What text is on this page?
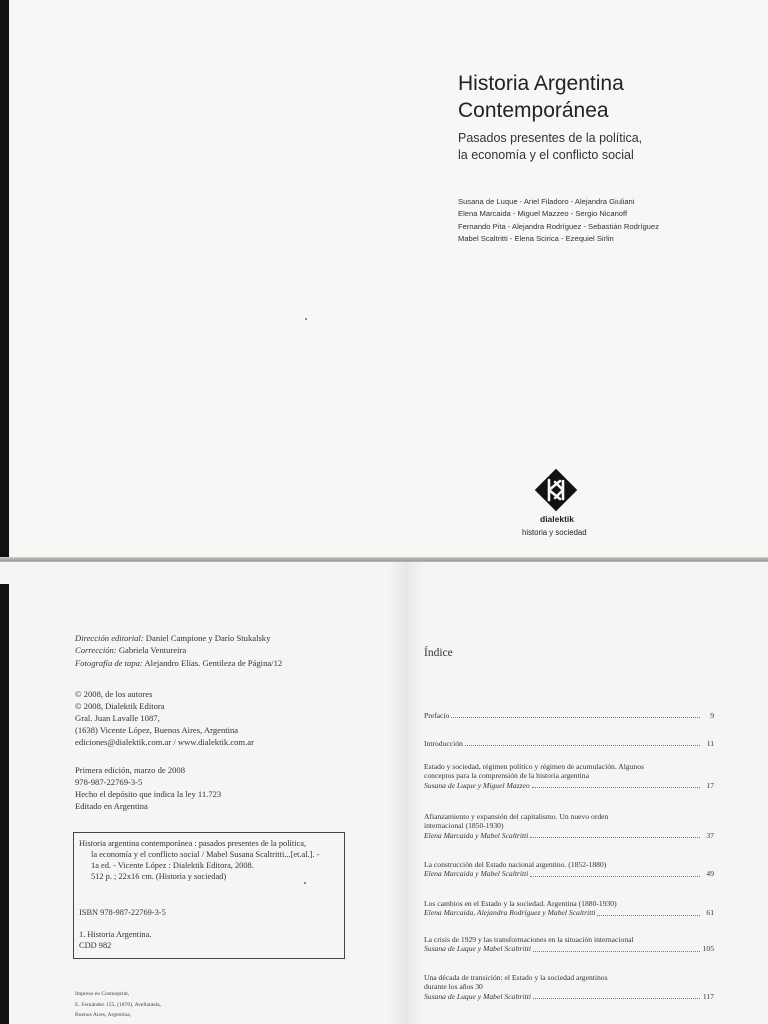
Historia Argentina
Contemporánea
Pasados presentes de la política,
la economía y el conflicto social
Susana de Luque - Ariel Filadoro - Alejandra Giuliani
Elena Marcaida - Miguel Mazzeo - Sergio Nicanoff
Fernando Pita - Alejandra Rodríguez - Sebastián Rodríguez
Mabel Scaltritti - Elena Scirica - Ezequiel Sirlin
dialektik
historia y sociedad
Dirección editorial: Daniel Campione y Darío Stukalsky
Corrección: Gabriela Ventureira
Fotografía de tapa: Alejandro Elías. Gentileza de Página/12
© 2008, de los autores
© 2008, Dialektik Editora
Gral. Juan Lavalle 1087,
(1638) Vicente López, Buenos Aires, Argentina
ediciones@dialektik.com.ar / www.dialektik.com.ar
Primera edición, marzo de 2008
978-987-22769-3-5
Hecho el depósito que indica la ley 11.723
Editado en Argentina
Historia argentina contemporánea : pasados presentes de la política,
la economía y el conflicto social / Mabel Susana Scaltritti...[et.al.]. -
1a ed. - Vicente López : Dialektik Editora, 2008.
512 p. ; 22x16 cm. (Historia y sociedad)
ISBN 978-987-22769-3-5
1. Historia Argentina.
CDD 982
Impreso en Cosmoprint,
E. Fernández 155, (1870), Avellaneda,
Buenos Aires, Argentina,
Índice
Prefacio	9
Introducción	11
Estado y sociedad, régimen político y régimen de acumulación. Algunos
conceptos para la comprensión de la historia argentina
Susana de Luque y Miguel Mazzeo	17
Afianzamiento y expansión del capitalismo. Un nuevo orden
internacional (1850-1930)
Elena Marcaida y Mabel Scaltritti	37
La construcción del Estado nacional argentino. (1852-1880)
Elena Marcaida y Mabel Scaltritti	49
Los cambios en el Estado y la sociedad. Argentina (1880-1930)
Elena Marcaida, Alejandra Rodríguez y Mabel Scaltritti	61
La crisis de 1929 y las transformaciones en la situación internacional
Susana de Luque y Mabel Scaltritti	105
Una década de transición: el Estado y la sociedad argentinos
durante los años 30
Susana de Luque y Mabel Scaltritti	117
